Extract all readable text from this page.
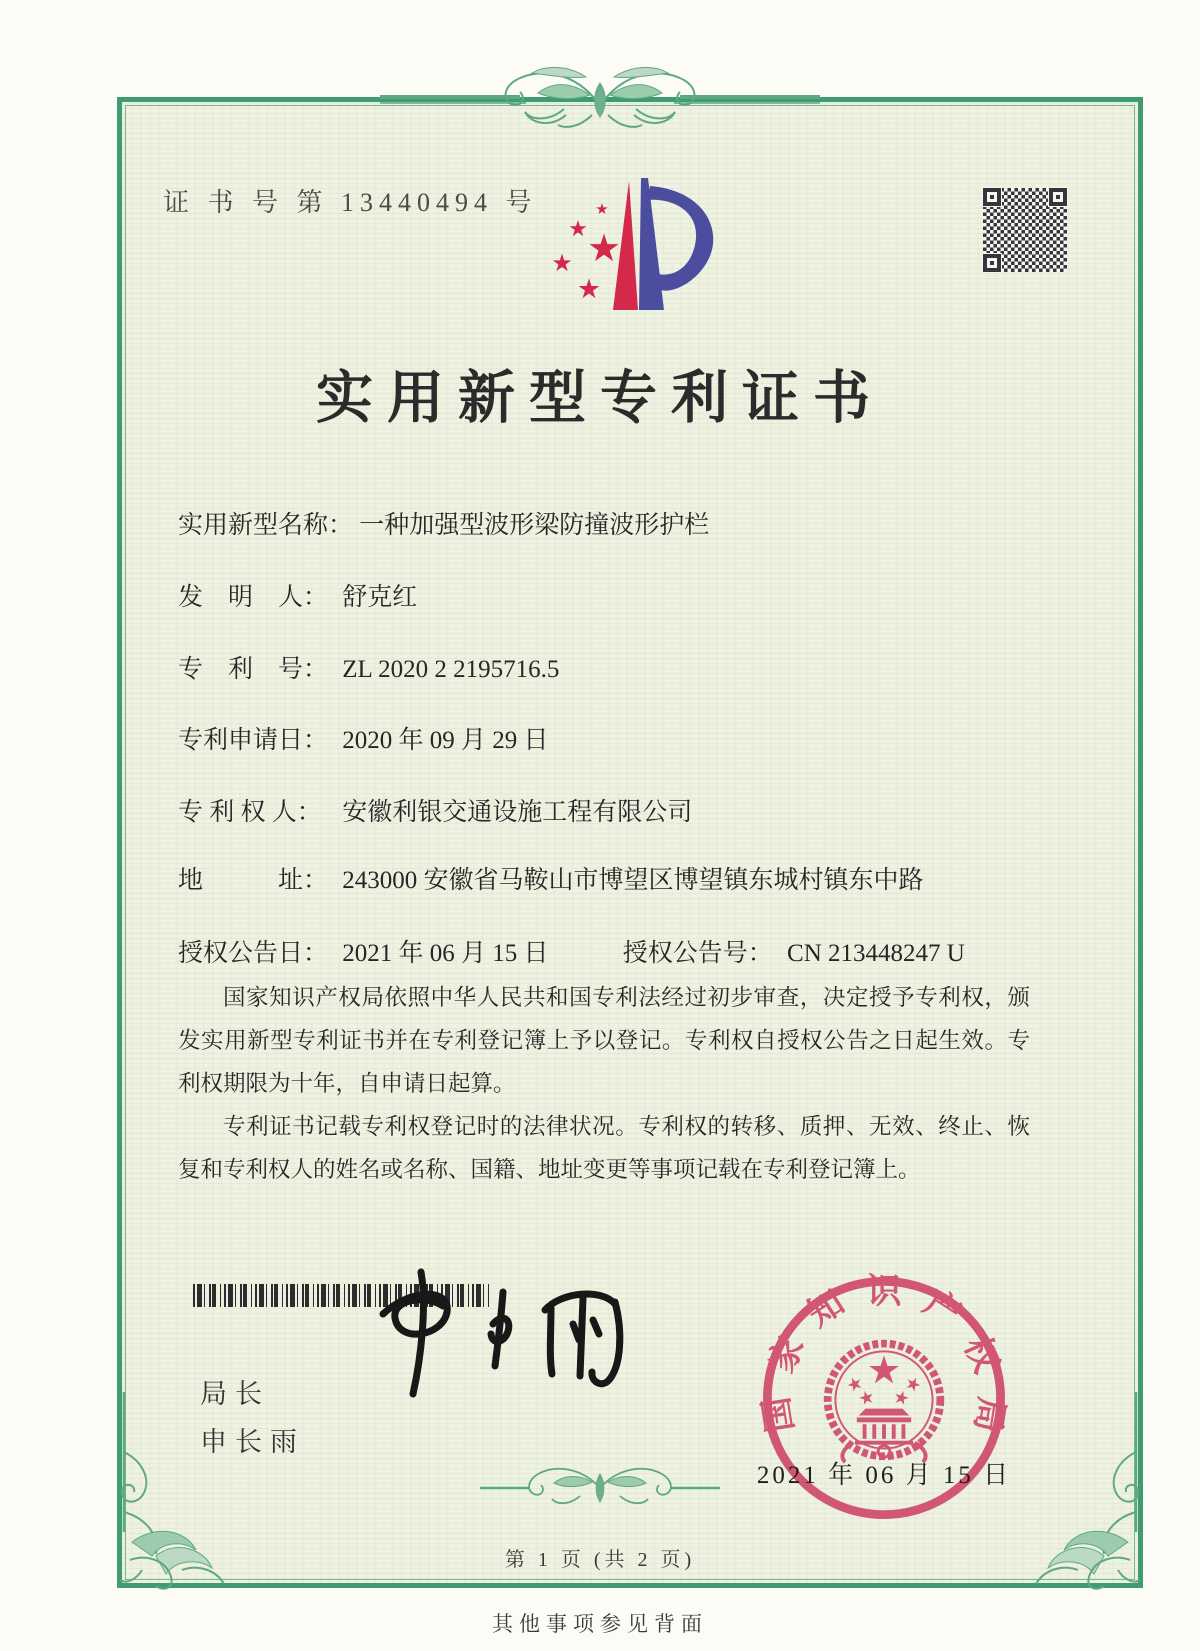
证 书 号 第 13440494 号	★
★ ★
★
★
实用新型专利证书
实用新型名称： 一种加强型波形梁防撞波形护栏
发　明　人： 舒克红
专　利　号： ZL 2020 2 2195716.5
专利申请日： 2020 年 09 月 29 日
专 利 权 人： 安徽利银交通设施工程有限公司
地　　　址： 243000 安徽省马鞍山市博望区博望镇东城村镇东中路
授权公告日： 2021 年 06 月 15 日	授权公告号： CN 213448247 U

国家知识产权局依照中华人民共和国专利法经过初步审查，决定授予专利权，颁发实用新型专利证书并在专利登记簿上予以登记。专利权自授权公告之日起生效。专利权期限为十年，自申请日起算。

专利证书记载专利权登记时的法律状况。专利权的转移、质押、无效、终止、恢复和专利权人的姓名或名称、国籍、地址变更等事项记载在专利登记簿上。

局长
申长雨
国
家
知 识 产
权
局
2021 年 06 月 15 日
第 1 页 (共 2 页)
其他事项参见背面
